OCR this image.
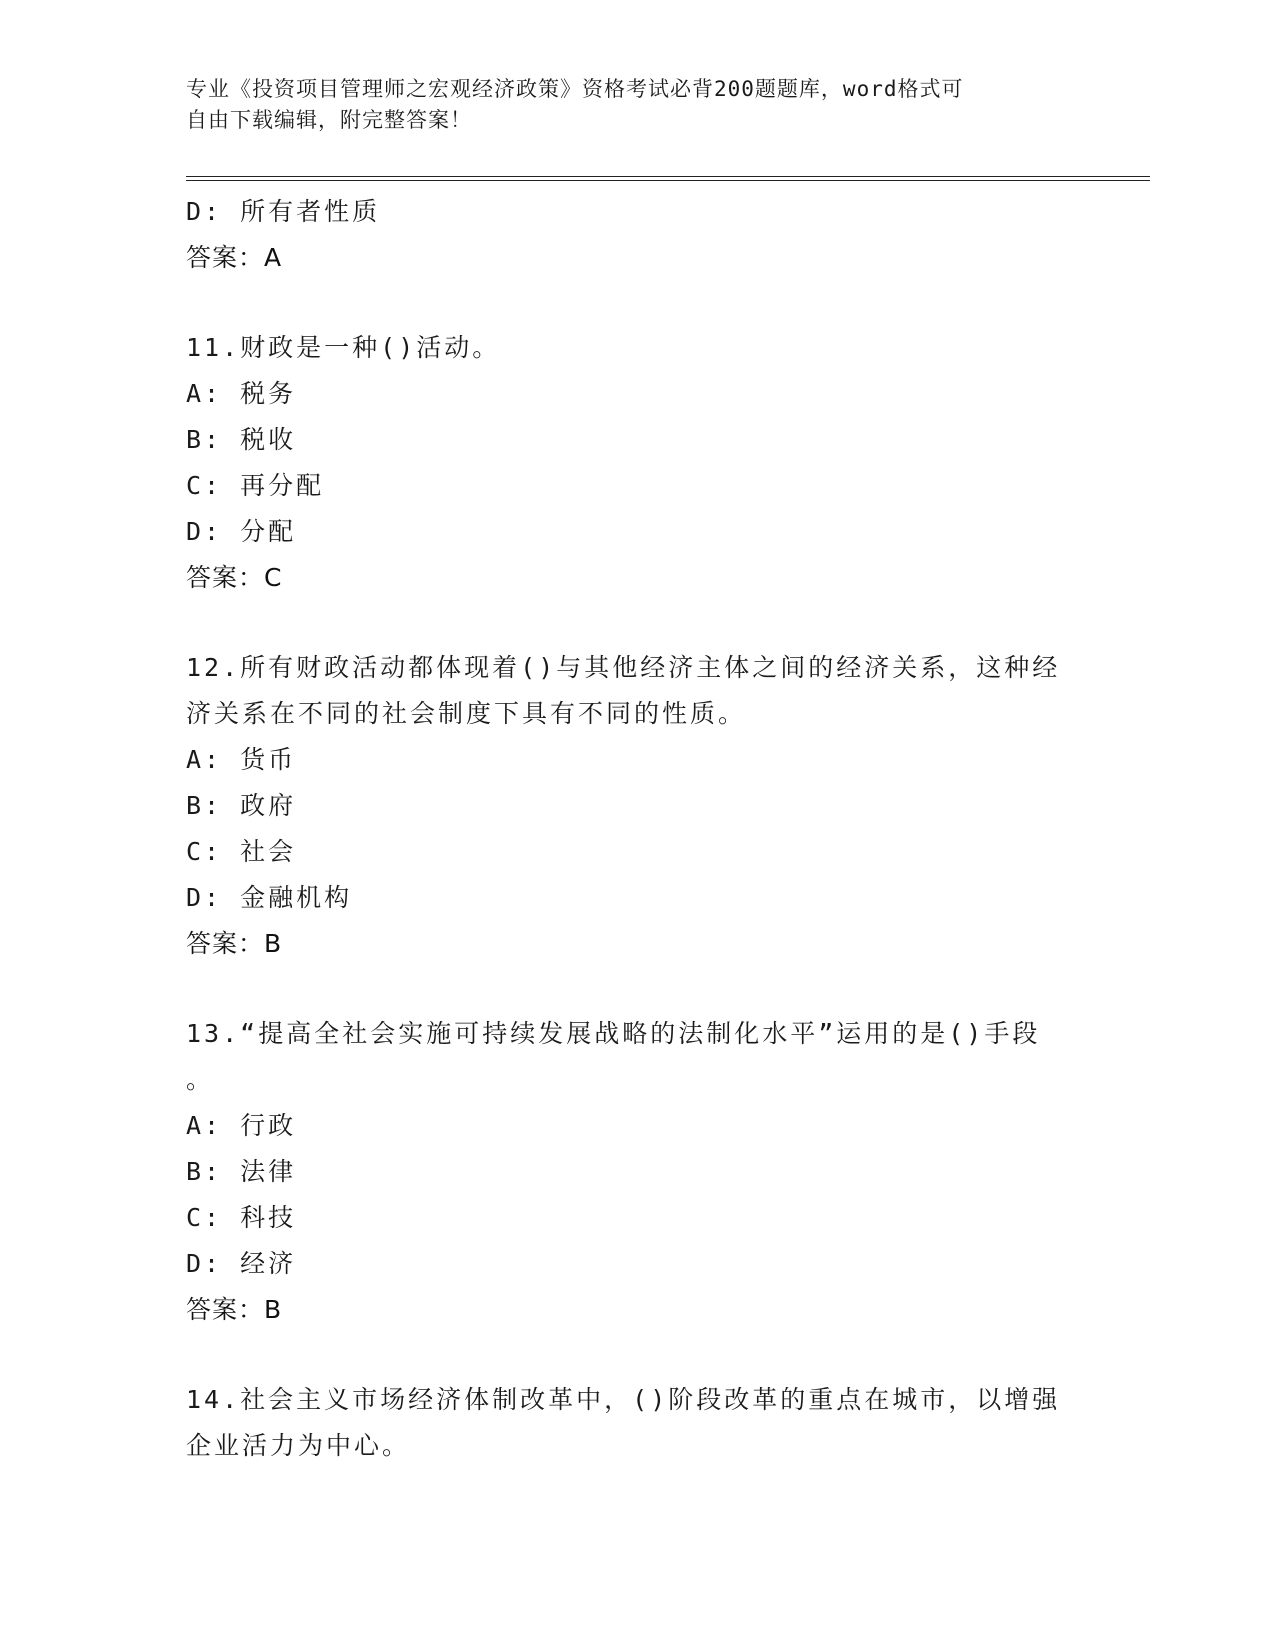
专业《投资项目管理师之宏观经济政策》资格考试必背200题题库，word格式可
自由下载编辑，附完整答案！
D: 所有者性质
答案：A
11.财政是一种()活动。
A: 税务
B: 税收
C: 再分配
D: 分配
答案：C
12.所有财政活动都体现着()与其他经济主体之间的经济关系，这种经
济关系在不同的社会制度下具有不同的性质。
A: 货币
B: 政府
C: 社会
D: 金融机构
答案：B
13.“提高全社会实施可持续发展战略的法制化水平”运用的是()手段
。
A: 行政
B: 法律
C: 科技
D: 经济
答案：B
14.社会主义市场经济体制改革中，()阶段改革的重点在城市，以增强
企业活力为中心。
